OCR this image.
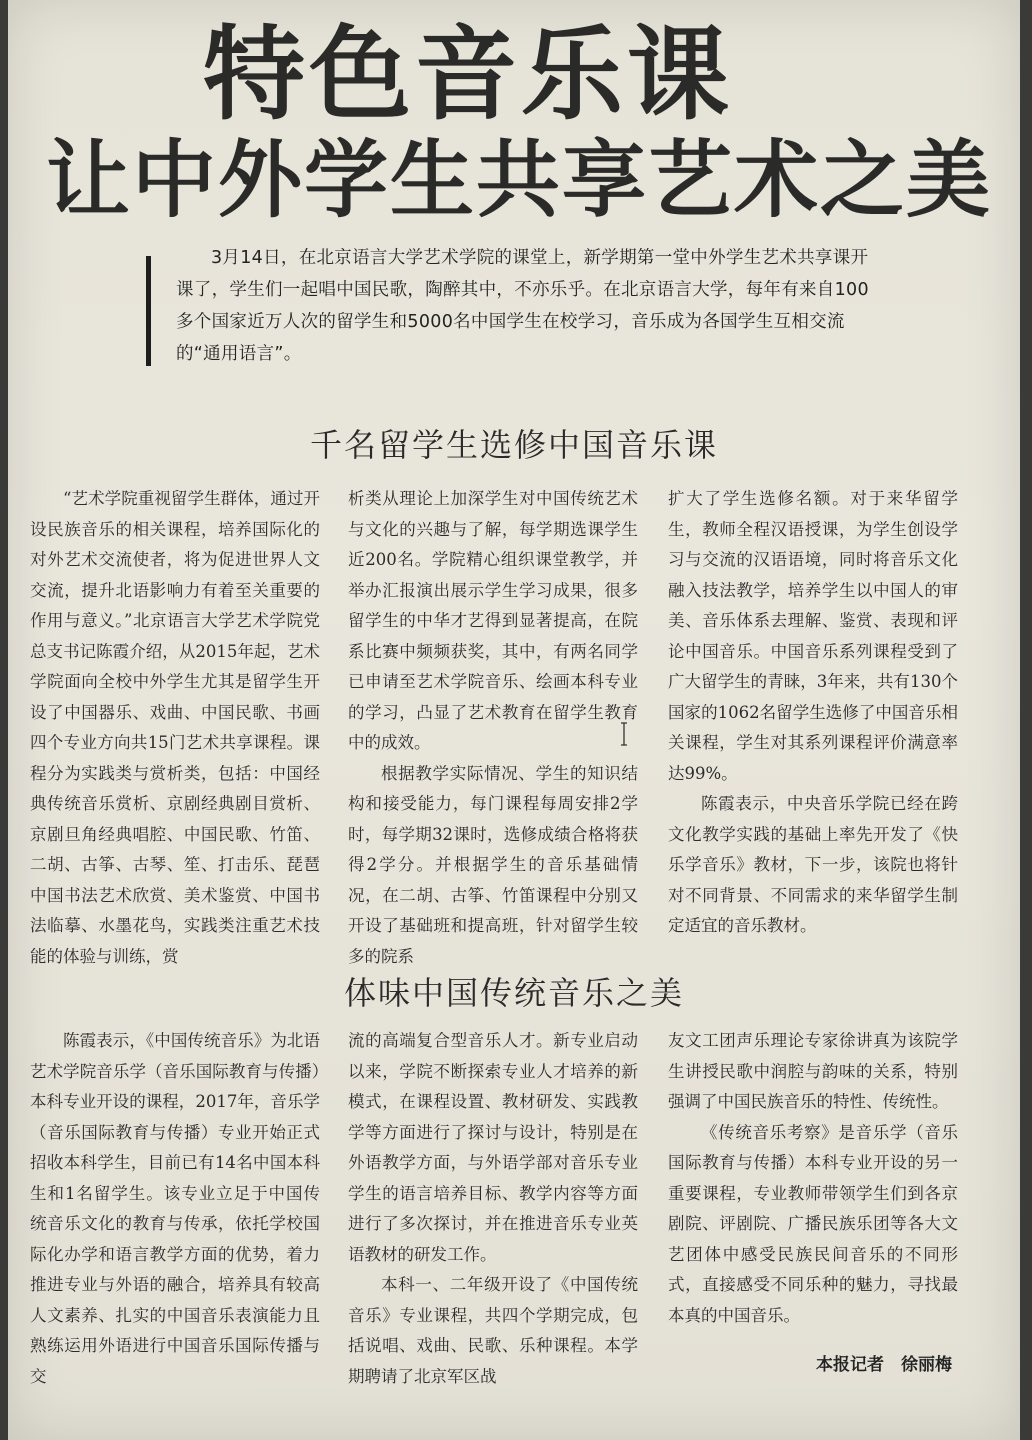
特色音乐课
让中外学生共享艺术之美
3月14日，在北京语言大学艺术学院的课堂上，新学期第一堂中外学生艺术共享课开课了，学生们一起唱中国民歌，陶醉其中，不亦乐乎。在北京语言大学，每年有来自100多个国家近万人次的留学生和5000名中国学生在校学习，音乐成为各国学生互相交流的“通用语言”。
千名留学生选修中国音乐课

“艺术学院重视留学生群体，通过开设民族音乐的相关课程，培养国际化的对外艺术交流使者，将为促进世界人文交流，提升北语影响力有着至关重要的作用与意义。”北京语言大学艺术学院党总支书记陈霞介绍，从2015年起，艺术学院面向全校中外学生尤其是留学生开设了中国器乐、戏曲、中国民歌、书画四个专业方向共15门艺术共享课程。课程分为实践类与赏析类，包括：中国经典传统音乐赏析、京剧经典剧目赏析、京剧旦角经典唱腔、中国民歌、竹笛、二胡、古筝、古琴、笙、打击乐、琵琶中国书法艺术欣赏、美术鉴赏、中国书法临摹、水墨花鸟，实践类注重艺术技能的体验与训练，赏

析类从理论上加深学生对中国传统艺术与文化的兴趣与了解，每学期选课学生近200名。学院精心组织课堂教学，并举办汇报演出展示学生学习成果，很多留学生的中华才艺得到显著提高，在院系比赛中频频获奖，其中，有两名同学已申请至艺术学院音乐、绘画本科专业的学习，凸显了艺术教育在留学生教育中的成效。

根据教学实际情况、学生的知识结构和接受能力，每门课程每周安排2学时，每学期32课时，选修成绩合格将获得2学分。并根据学生的音乐基础情况，在二胡、古筝、竹笛课程中分别又开设了基础班和提高班，针对留学生较多的院系

扩大了学生选修名额。对于来华留学生，教师全程汉语授课，为学生创设学习与交流的汉语语境，同时将音乐文化融入技法教学，培养学生以中国人的审美、音乐体系去理解、鉴赏、表现和评论中国音乐。中国音乐系列课程受到了广大留学生的青睐，3年来，共有130个国家的1062名留学生选修了中国音乐相关课程，学生对其系列课程评价满意率达99%。

陈霞表示，中央音乐学院已经在跨文化教学实践的基础上率先开发了《快乐学音乐》教材，下一步，该院也将针对不同背景、不同需求的来华留学生制定适宜的音乐教材。

体味中国传统音乐之美

陈霞表示，《中国传统音乐》为北语艺术学院音乐学（音乐国际教育与传播）本科专业开设的课程，2017年，音乐学（音乐国际教育与传播）专业开始正式招收本科学生，目前已有14名中国本科生和1名留学生。该专业立足于中国传统音乐文化的教育与传承，依托学校国际化办学和语言教学方面的优势，着力推进专业与外语的融合，培养具有较高人文素养、扎实的中国音乐表演能力且熟练运用外语进行中国音乐国际传播与交

流的高端复合型音乐人才。新专业启动以来，学院不断探索专业人才培养的新模式，在课程设置、教材研发、实践教学等方面进行了探讨与设计，特别是在外语教学方面，与外语学部对音乐专业学生的语言培养目标、教学内容等方面进行了多次探讨，并在推进音乐专业英语教材的研发工作。

本科一、二年级开设了《中国传统音乐》专业课程，共四个学期完成，包括说唱、戏曲、民歌、乐种课程。本学期聘请了北京军区战

友文工团声乐理论专家徐讲真为该院学生讲授民歌中润腔与韵味的关系，特别强调了中国民族音乐的特性、传统性。

《传统音乐考察》是音乐学（音乐国际教育与传播）本科专业开设的另一重要课程，专业教师带领学生们到各京剧院、评剧院、广播民族乐团等各大文艺团体中感受民族民间音乐的不同形式，直接感受不同乐种的魅力，寻找最本真的中国音乐。

本报记者　徐丽梅
